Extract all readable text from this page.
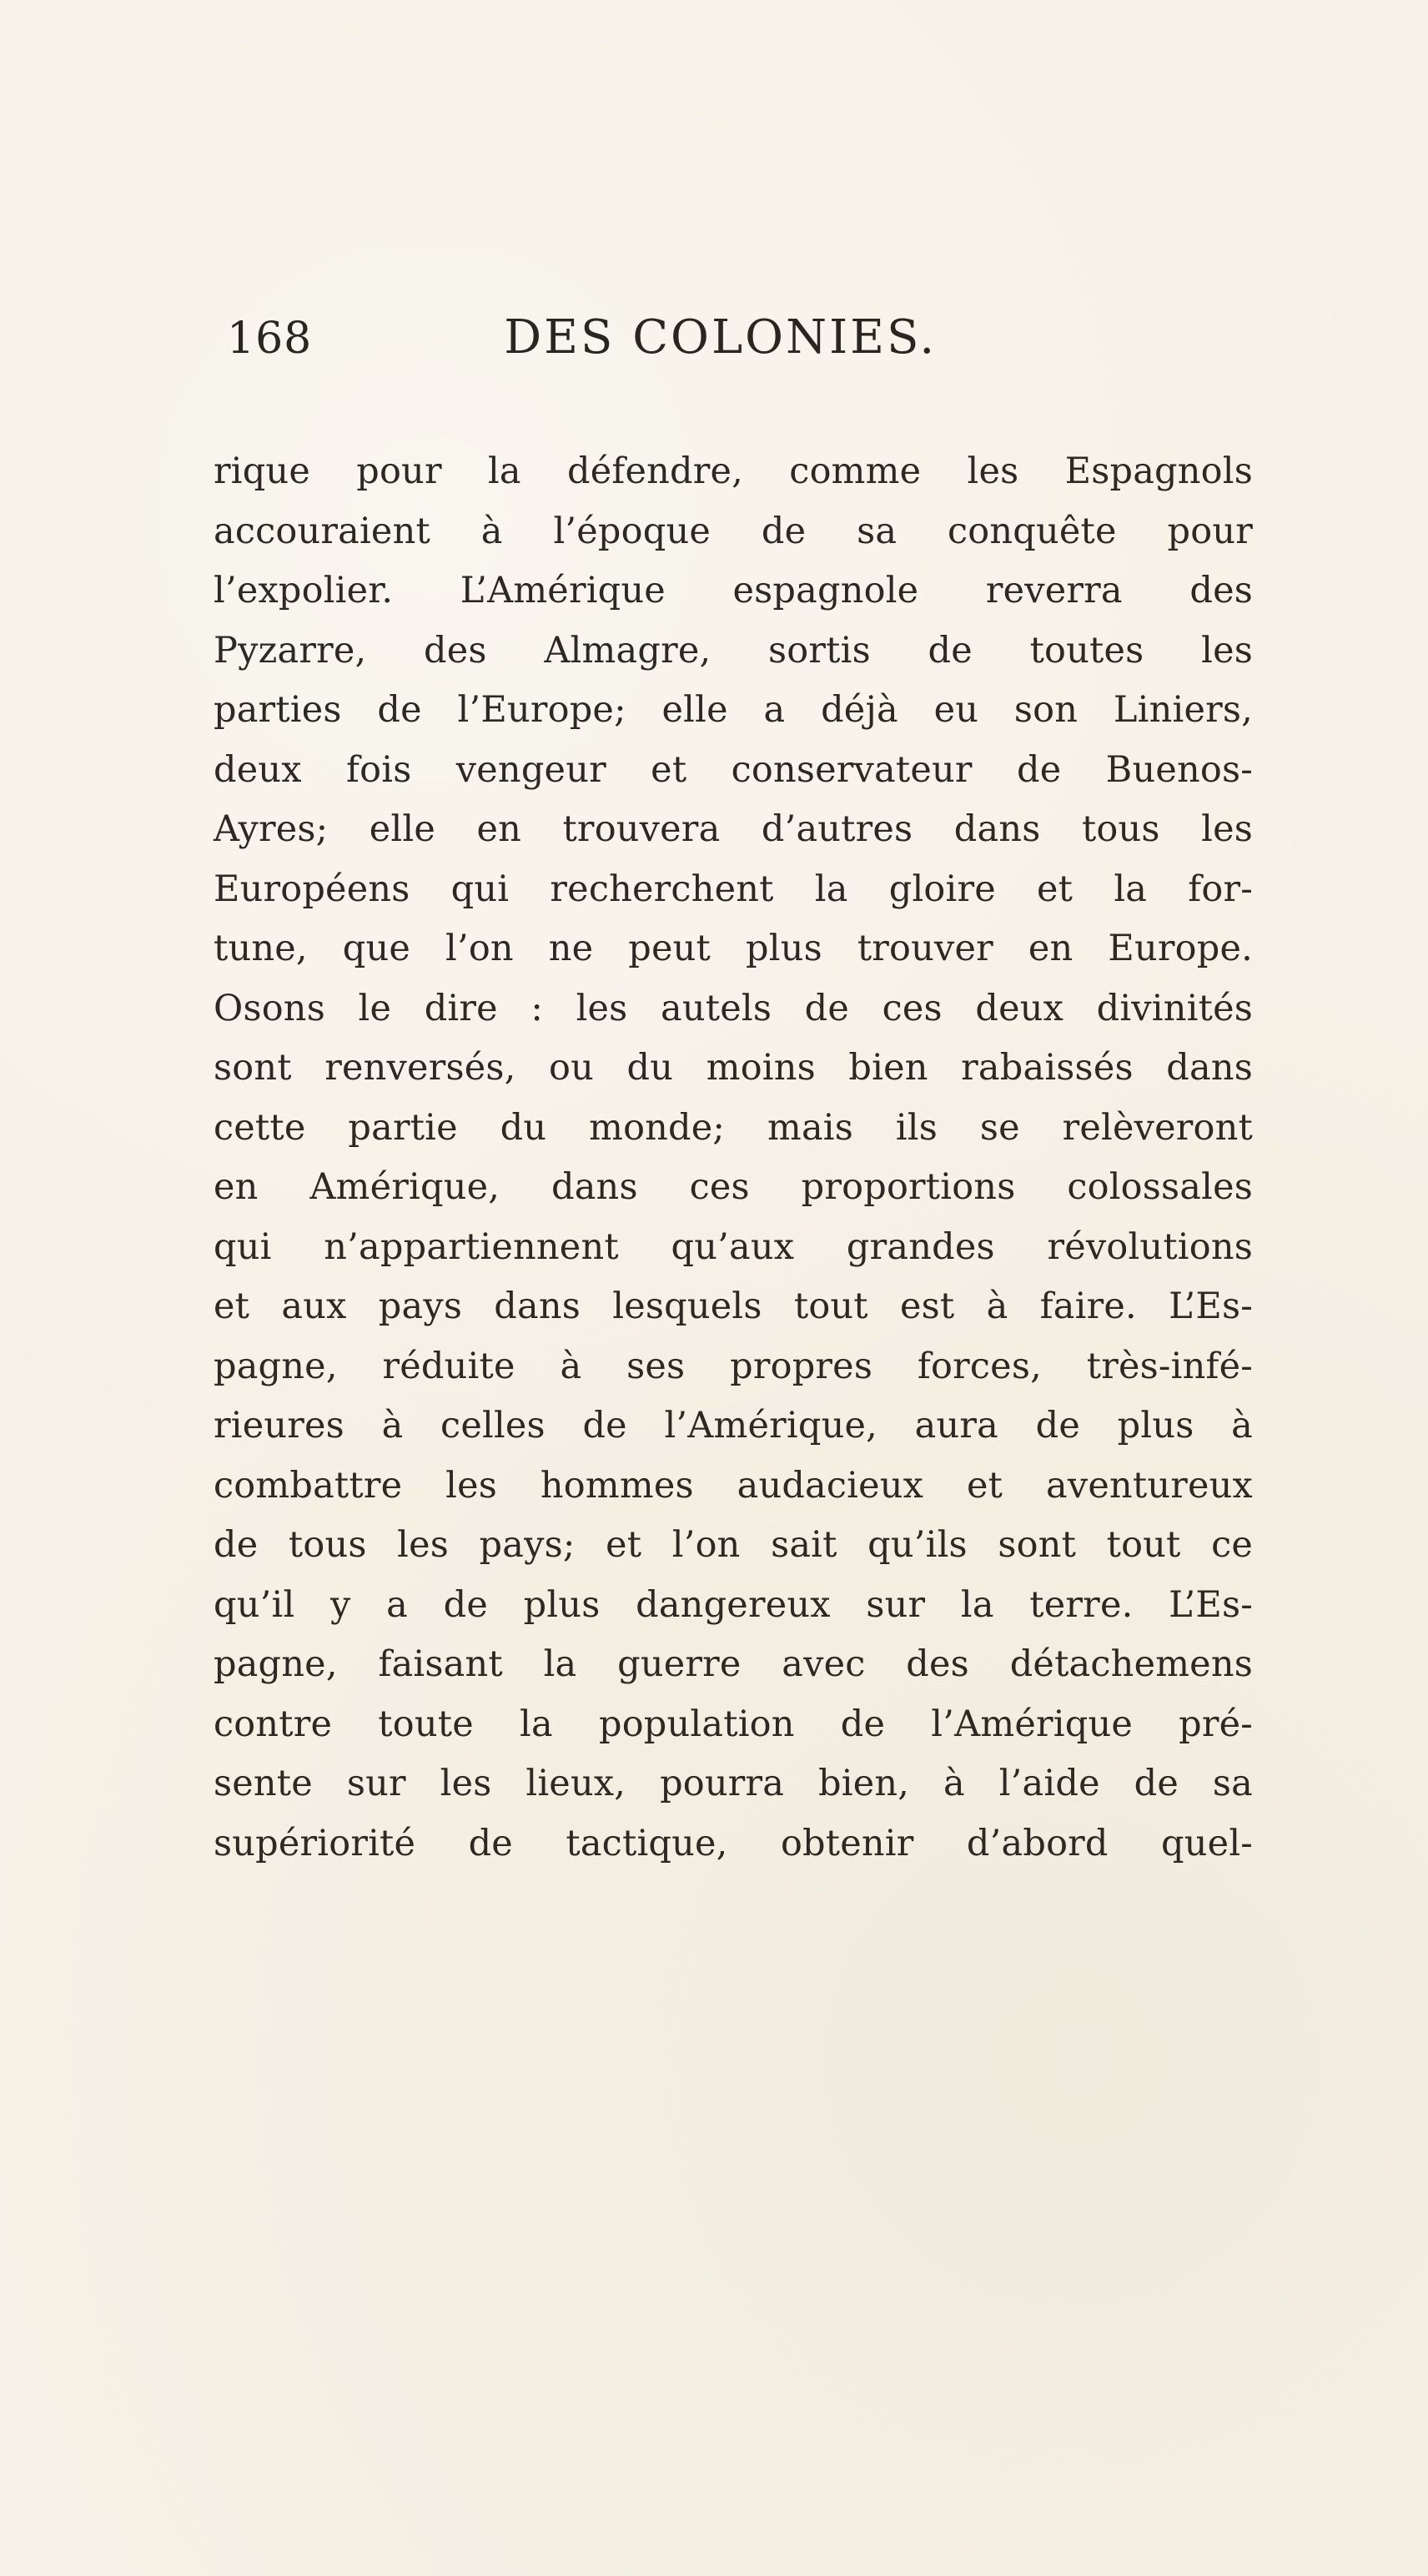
168	DES COLONIES.
rique pour la défendre, comme les Espagnols
accouraient à l’époque de sa conquête pour
l’expolier. L’Amérique espagnole reverra des
Pyzarre, des Almagre, sortis de toutes les
parties de l’Europe; elle a déjà eu son Liniers,
deux fois vengeur et conservateur de Buenos-
Ayres; elle en trouvera d’autres dans tous les
Européens qui recherchent la gloire et la for-
tune, que l’on ne peut plus trouver en Europe.
Osons le dire : les autels de ces deux divinités
sont renversés, ou du moins bien rabaissés dans
cette partie du monde; mais ils se relèveront
en Amérique, dans ces proportions colossales
qui n’appartiennent qu’aux grandes révolutions
et aux pays dans lesquels tout est à faire. L’Es-
pagne, réduite à ses propres forces, très-infé-
rieures à celles de l’Amérique, aura de plus à
combattre les hommes audacieux et aventureux
de tous les pays; et l’on sait qu’ils sont tout ce
qu’il y a de plus dangereux sur la terre. L’Es-
pagne, faisant la guerre avec des détachemens
contre toute la population de l’Amérique pré-
sente sur les lieux, pourra bien, à l’aide de sa
supériorité de tactique, obtenir d’abord quel-
